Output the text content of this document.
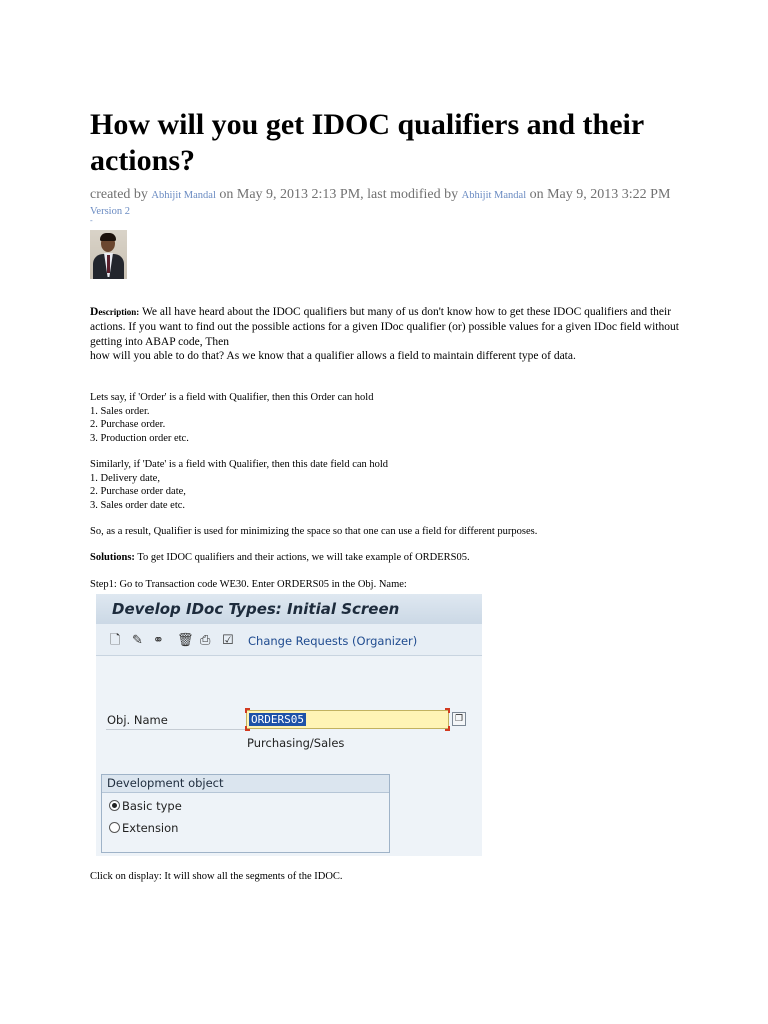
How will you get IDOC qualifiers and their actions?
created by Abhijit Mandal on May 9, 2013 2:13 PM, last modified by Abhijit Mandal on May 9, 2013 3:22 PM
Version 2
-
Description: We all have heard about the IDOC qualifiers but many of us don't know how to get these IDOC qualifiers and their actions. If you want to find out the possible actions for a given IDoc qualifier (or) possible values for a given IDoc field without getting into ABAP code, Then
how will you able to do that? As we know that a qualifier allows a field to maintain different type of data.
Lets say, if 'Order' is a field with Qualifier, then this Order can hold
1. Sales order.
2. Purchase order.
3. Production order etc.
Similarly, if 'Date' is a field with Qualifier, then this date field can hold
1. Delivery date,
2. Purchase order date,
3. Sales order date etc.
So, as a result, Qualifier is used for minimizing the space so that one can use a field for different purposes.
Solutions: To get IDOC qualifiers and their actions, we will take example of ORDERS05.
Step1: Go to Transaction code WE30. Enter ORDERS05 in the Obj. Name:
Develop IDoc Types: Initial Screen
🗋 ✎ ⚭ 🗑 ⎙ ☑ Change Requests (Organizer)
Obj. Name	ORDERS05	❐
Purchasing/Sales
Development object
Basic type
Extension
Click on display: It will show all the segments of the IDOC.
